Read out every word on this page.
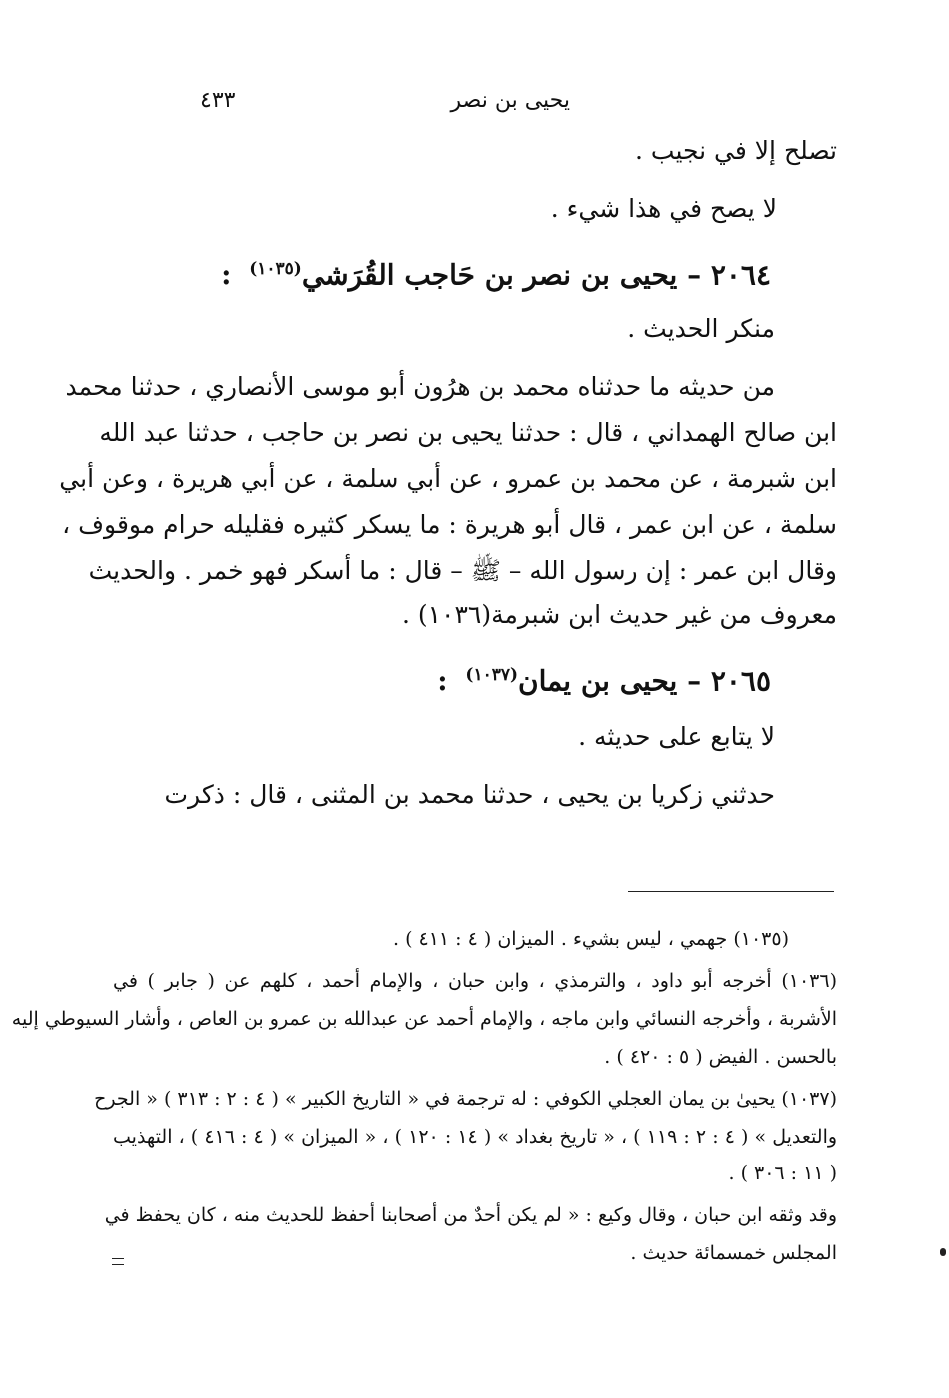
يحيى بن نصر
٤٣٣
تصلح إلا في نجيب .
لا يصح في هذا شيء .
٢٠٦٤ – يحيى بن نصر بن حَاجب القُرَشي$^{(١٠٣٥)}$ :
منكر الحديث .
من حديثه ما حدثناه محمد بن هرُون أبو موسى الأنصاري ، حدثنا محمد
ابن صالح الهمداني ، قال : حدثنا يحيى بن نصر بن حاجب ، حدثنا عبد الله
ابن شبرمة ، عن محمد بن عمرو ، عن أبي سلمة ، عن أبي هريرة ، وعن أبي
سلمة ، عن ابن عمر ، قال أبو هريرة : ما يسكر كثيره فقليله حرام موقوف ،
وقال ابن عمر : إن رسول الله – ﷺ – قال : ما أسكر فهو خمر . والحديث
معروف من غير حديث ابن شبرمة(١٠٣٦) .
٢٠٦٥ – يحيى بن يمان$^{(١٠٣٧)}$ :
لا يتابع على حديثه .
حدثني زكريا بن يحيى ، حدثنا محمد بن المثنى ، قال : ذكرت
(١٠٣٥) جهمي ، ليس بشيء . الميزان ( ٤ : ٤١١ ) .
(١٠٣٦) أخرجه أبو داود ، والترمذي ، وابن حبان ، والإمام أحمد ، كلهم عن ( جابر ) في
الأشربة ، وأخرجه النسائي وابن ماجه ، والإمام أحمد عن عبدالله بن عمرو بن العاص ، وأشار السيوطي إليه
بالحسن . الفيض ( ٥ : ٤٢٠ ) .
(١٠٣٧) يحيىٰ بن يمان العجلي الكوفي : له ترجمة في « التاريخ الكبير » ( ٤ : ٢ : ٣١٣ ) « الجرح
والتعديل » ( ٤ : ٢ : ١١٩ ) ، « تاريخ بغداد » ( ١٤ : ١٢٠ ) ، « الميزان » ( ٤ : ٤١٦ ) ، التهذيب
( ١١ : ٣٠٦ ) .
وقد وثقه ابن حبان ، وقال وكيع : « لم يكن أحدٌ من أصحابنا أحفظ للحديث منه ، كان يحفظ في
المجلس خمسمائة حديث .
